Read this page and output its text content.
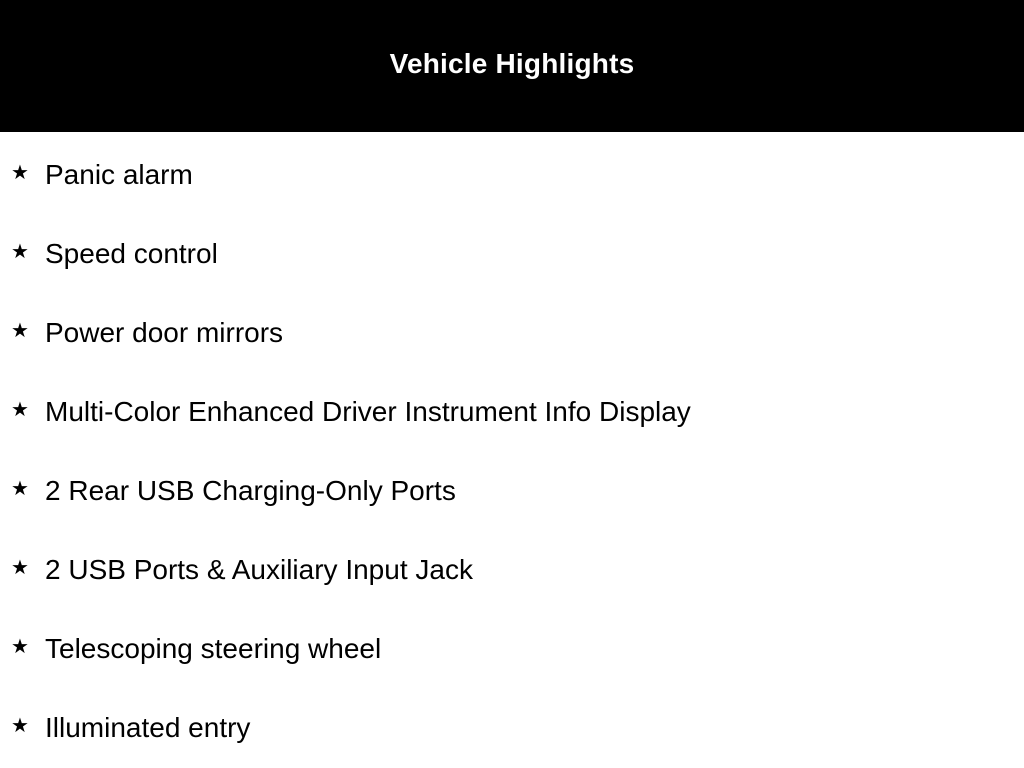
Vehicle Highlights
★ Panic alarm
★ Speed control
★ Power door mirrors
★ Multi-Color Enhanced Driver Instrument Info Display
★ 2 Rear USB Charging-Only Ports
★ 2 USB Ports & Auxiliary Input Jack
★ Telescoping steering wheel
★ Illuminated entry
